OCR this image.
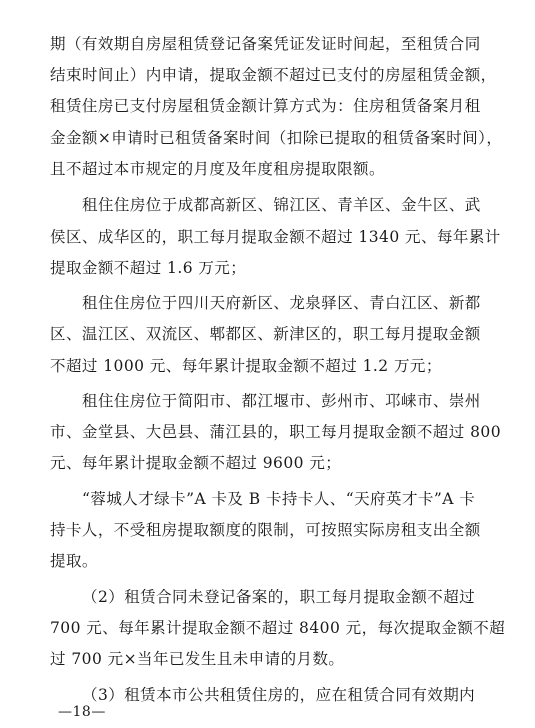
期（有效期自房屋租赁登记备案凭证发证时间起，至租赁合同
结束时间止）内申请，提取金额不超过已支付的房屋租赁金额，
租赁住房已支付房屋租赁金额计算方式为：住房租赁备案月租
金金额×申请时已租赁备案时间（扣除已提取的租赁备案时间），
且不超过本市规定的月度及年度租房提取限额。
租住住房位于成都高新区、锦江区、青羊区、金牛区、武
侯区、成华区的，职工每月提取金额不超过 1340 元、每年累计
提取金额不超过 1.6 万元；
租住住房位于四川天府新区、龙泉驿区、青白江区、新都
区、温江区、双流区、郫都区、新津区的，职工每月提取金额
不超过 1000 元、每年累计提取金额不超过 1.2 万元；
租住住房位于简阳市、都江堰市、彭州市、邛崃市、崇州
市、金堂县、大邑县、蒲江县的，职工每月提取金额不超过 800
元、每年累计提取金额不超过 9600 元；
“蓉城人才绿卡”A 卡及 B 卡持卡人、“天府英才卡”A 卡
持卡人，不受租房提取额度的限制，可按照实际房租支出全额
提取。
（2）租赁合同未登记备案的，职工每月提取金额不超过
700 元、每年累计提取金额不超过 8400 元，每次提取金额不超
过 700 元×当年已发生且未申请的月数。
（3）租赁本市公共租赁住房的，应在租赁合同有效期内
—18—
